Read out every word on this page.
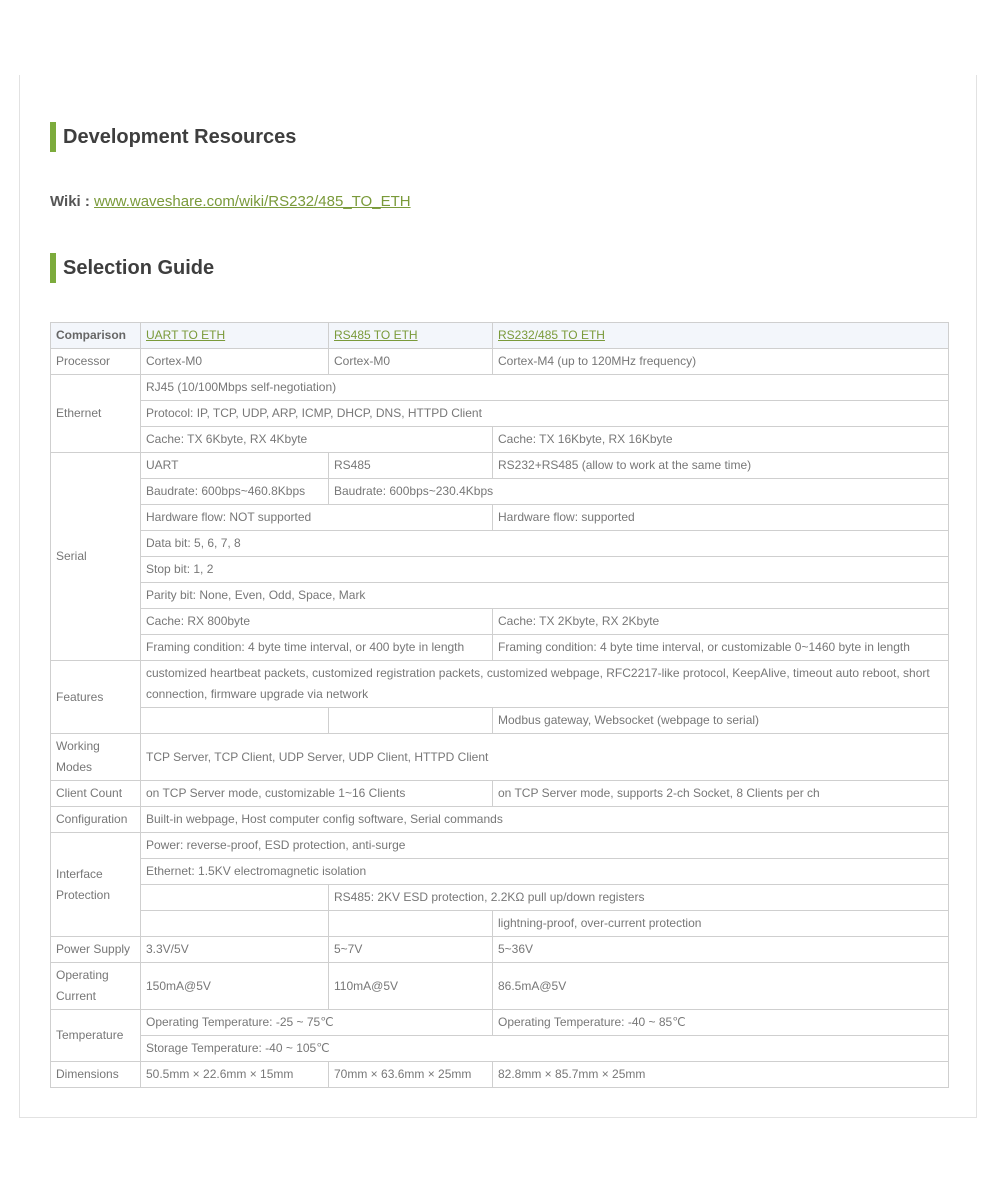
Development Resources
Wiki : www.waveshare.com/wiki/RS232/485_TO_ETH
Selection Guide
Comparison	UART TO ETH	RS485 TO ETH	RS232/485 TO ETH
Processor	Cortex-M0	Cortex-M0	Cortex-M4 (up to 120MHz frequency)
Ethernet	RJ45 (10/100Mbps self-negotiation)		
	Protocol: IP, TCP, UDP, ARP, ICMP, DHCP, DNS, HTTPD Client		
	Cache: TX 6Kbyte, RX 4Kbyte		Cache: TX 16Kbyte, RX 16Kbyte
Serial	UART	RS485	RS232+RS485 (allow to work at the same time)
	Baudrate: 600bps~460.8Kbps	Baudrate: 600bps~230.4Kbps	
	Hardware flow: NOT supported		Hardware flow: supported
	Data bit: 5, 6, 7, 8		
	Stop bit: 1, 2		
	Parity bit: None, Even, Odd, Space, Mark		
	Cache: RX 800byte		Cache: TX 2Kbyte, RX 2Kbyte
	Framing condition: 4 byte time interval, or 400 byte in length		Framing condition: 4 byte time interval, or customizable 0~1460 byte in length
Features	customized heartbeat packets, customized registration packets, customized webpage, RFC2217-like protocol, KeepAlive, timeout auto reboot, short connection, firmware upgrade via network		
			Modbus gateway, Websocket (webpage to serial)
Working Modes	TCP Server, TCP Client, UDP Server, UDP Client, HTTPD Client		
Client Count	on TCP Server mode, customizable 1~16 Clients		on TCP Server mode, supports 2-ch Socket, 8 Clients per ch
Configuration	Built-in webpage, Host computer config software, Serial commands		
Interface Protection	Power: reverse-proof, ESD protection, anti-surge		
	Ethernet: 1.5KV electromagnetic isolation		
		RS485: 2KV ESD protection, 2.2KΩ pull up/down registers	
			lightning-proof, over-current protection
Power Supply	3.3V/5V	5~7V	5~36V
Operating Current	150mA@5V	110mA@5V	86.5mA@5V
Temperature	Operating Temperature: -25 ~ 75℃		Operating Temperature: -40 ~ 85℃
	Storage Temperature: -40 ~ 105℃		
Dimensions	50.5mm × 22.6mm × 15mm	70mm × 63.6mm × 25mm	82.8mm × 85.7mm × 25mm
